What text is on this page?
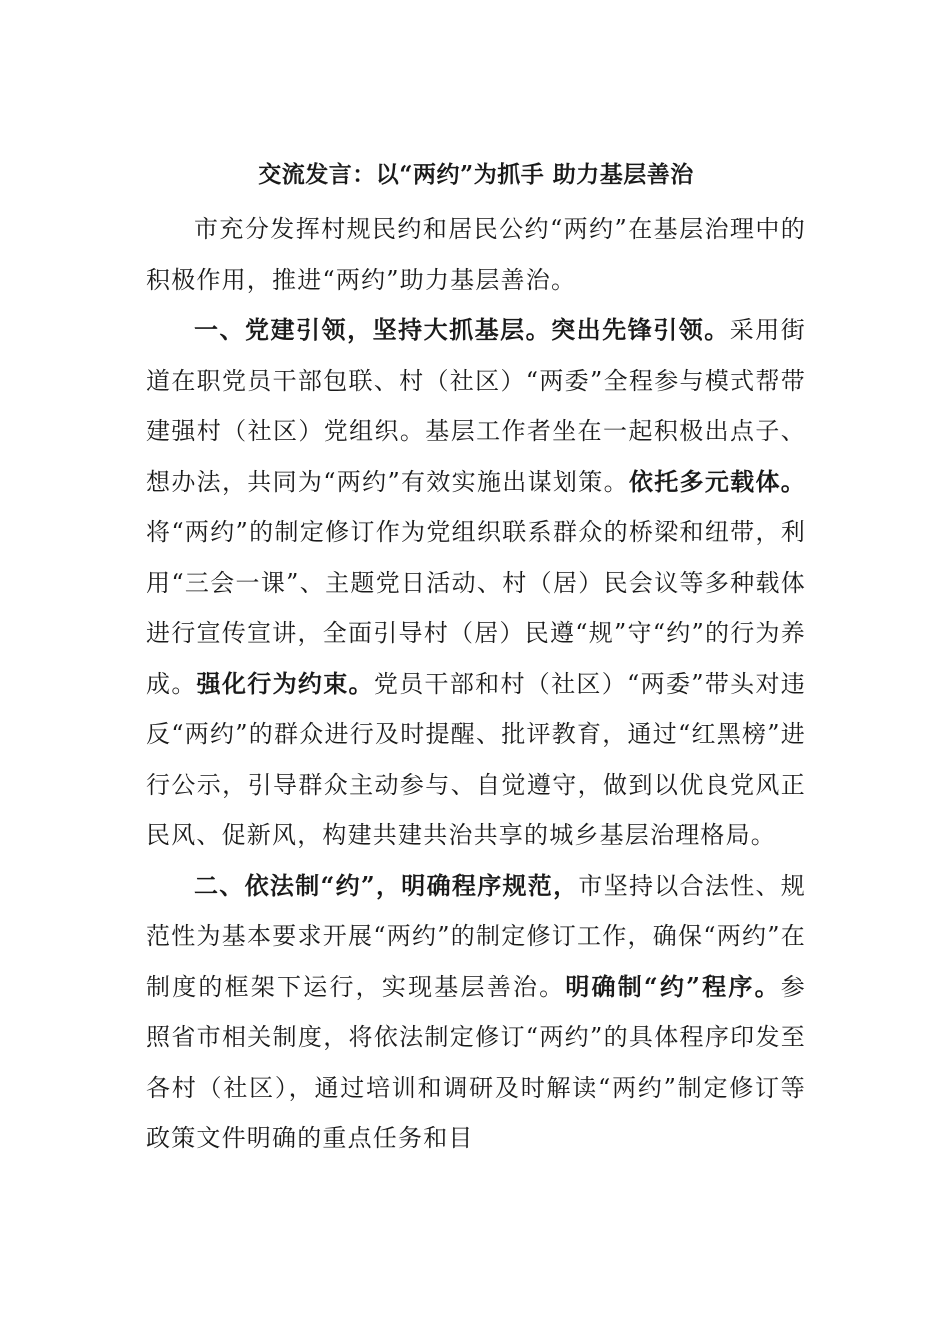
交流发言：以“两约”为抓手 助力基层善治

市充分发挥村规民约和居民公约“两约”在基层治理中的积极作用，推进“两约”助力基层善治。

一、党建引领，坚持大抓基层。突出先锋引领。采用街道在职党员干部包联、村（社区）“两委”全程参与模式帮带建强村（社区）党组织。基层工作者坐在一起积极出点子、想办法，共同为“两约”有效实施出谋划策。依托多元载体。将“两约”的制定修订作为党组织联系群众的桥梁和纽带，利用“三会一课”、主题党日活动、村（居）民会议等多种载体进行宣传宣讲，全面引导村（居）民遵“规”守“约”的行为养成。强化行为约束。党员干部和村（社区）“两委”带头对违反“两约”的群众进行及时提醒、批评教育，通过“红黑榜”进行公示，引导群众主动参与、自觉遵守，做到以优良党风正民风、促新风，构建共建共治共享的城乡基层治理格局。

二、依法制“约”，明确程序规范，市坚持以合法性、规范性为基本要求开展“两约”的制定修订工作，确保“两约”在制度的框架下运行，实现基层善治。明确制“约”程序。参照省市相关制度，将依法制定修订“两约”的具体程序印发至各村（社区），通过培训和调研及时解读“两约”制定修订等政策文件明确的重点任务和目
